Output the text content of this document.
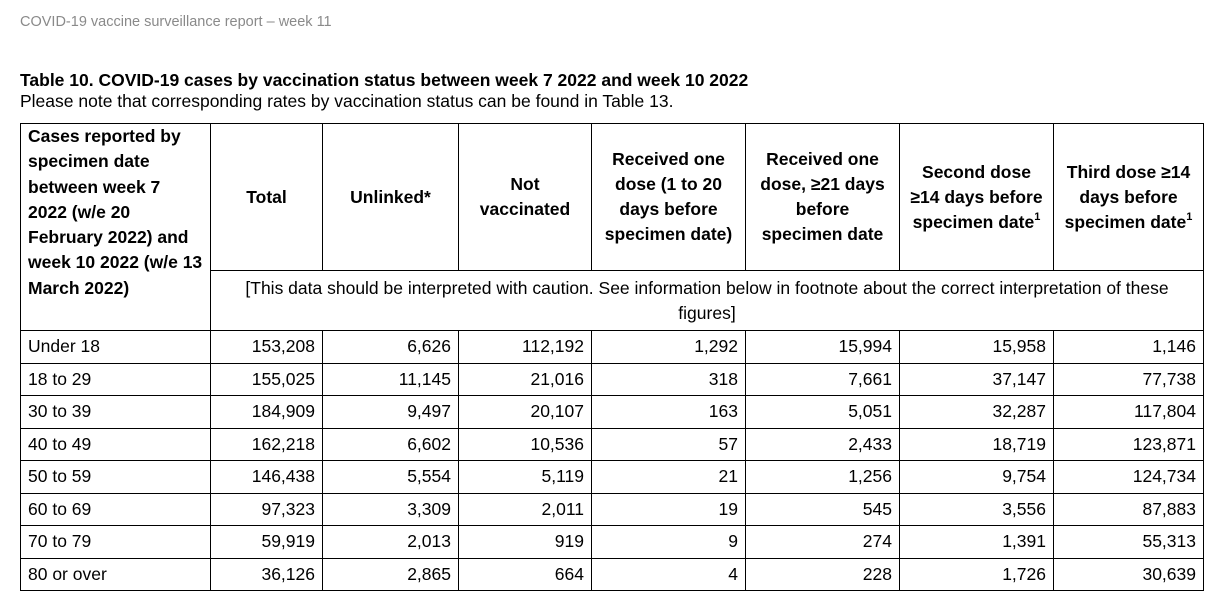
COVID-19 vaccine surveillance report – week 11
Table 10. COVID-19 cases by vaccination status between week 7 2022 and week 10 2022
Please note that corresponding rates by vaccination status can be found in Table 13.
Cases reported by specimen date between week 7 2022 (w/e 20 February 2022) and week 10 2022 (w/e 13 March 2022)	Total	Unlinked*	Not vaccinated	Received one dose (1 to 20 days before specimen date)	Received one dose, ≥21 days before specimen date	Second dose ≥14 days before specimen date$^1$	Third dose ≥14 days before specimen date$^1$
	[This data should be interpreted with caution. See information below in footnote about the correct interpretation of these figures]						
Under 18	153,208	6,626	112,192	1,292	15,994	15,958	1,146
18 to 29	155,025	11,145	21,016	318	7,661	37,147	77,738
30 to 39	184,909	9,497	20,107	163	5,051	32,287	117,804
40 to 49	162,218	6,602	10,536	57	2,433	18,719	123,871
50 to 59	146,438	5,554	5,119	21	1,256	9,754	124,734
60 to 69	97,323	3,309	2,011	19	545	3,556	87,883
70 to 79	59,919	2,013	919	9	274	1,391	55,313
80 or over	36,126	2,865	664	4	228	1,726	30,639
